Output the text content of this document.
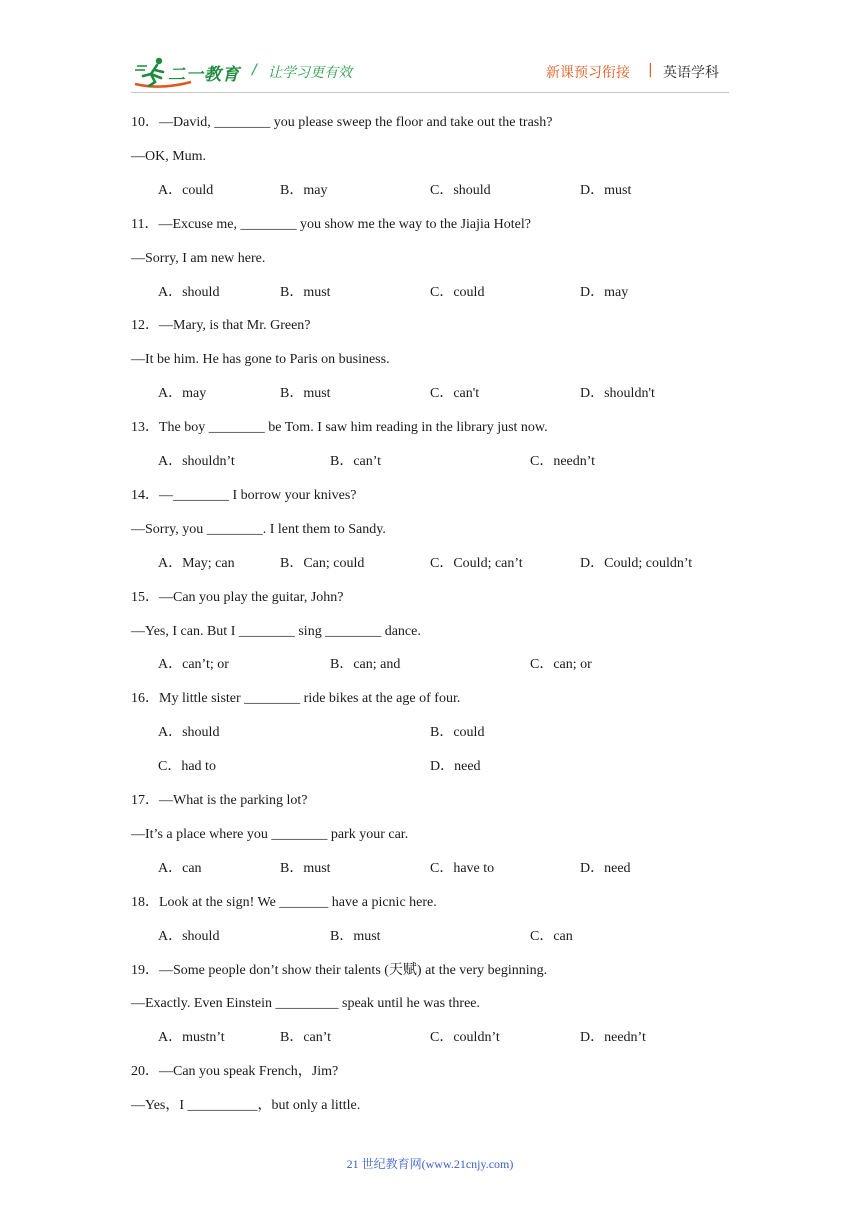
二一教育 / 让学习更有效	新课预习衔接 | 英语学科
10．—David, ________ you please sweep the floor and take out the trash?
—OK, Mum.
A．could	B．may	C．should	D．must
11．—Excuse me, ________ you show me the way to the Jiajia Hotel?
—Sorry, I am new here.
A．should	B．must	C．could	D．may
12．—Mary, is that Mr. Green?
—It be him. He has gone to Paris on business.
A．may	B．must	C．can't	D．shouldn't
13．The boy ________ be Tom. I saw him reading in the library just now.
A．shouldn’t	B．can’t	C．needn’t
14．—________ I borrow your knives?
—Sorry, you ________. I lent them to Sandy.
A．May; can	B．Can; could	C．Could; can’t	D．Could; couldn’t
15．—Can you play the guitar, John?
—Yes, I can. But I ________ sing ________ dance.
A．can’t; or	B．can; and	C．can; or
16．My little sister ________ ride bikes at the age of four.
A．should	B．could
C．had to	D．need
17．—What is the parking lot?
—It’s a place where you ________ park your car.
A．can	B．must	C．have to	D．need
18．Look at the sign! We _______ have a picnic here.
A．should	B．must	C．can
19．—Some people don’t show their talents (天赋) at the very beginning.
—Exactly. Even Einstein _________ speak until he was three.
A．mustn’t	B．can’t	C．couldn’t	D．needn’t
20．—Can you speak French，Jim?
—Yes，I __________，but only a little.
21 世纪教育网(www.21cnjy.com)
